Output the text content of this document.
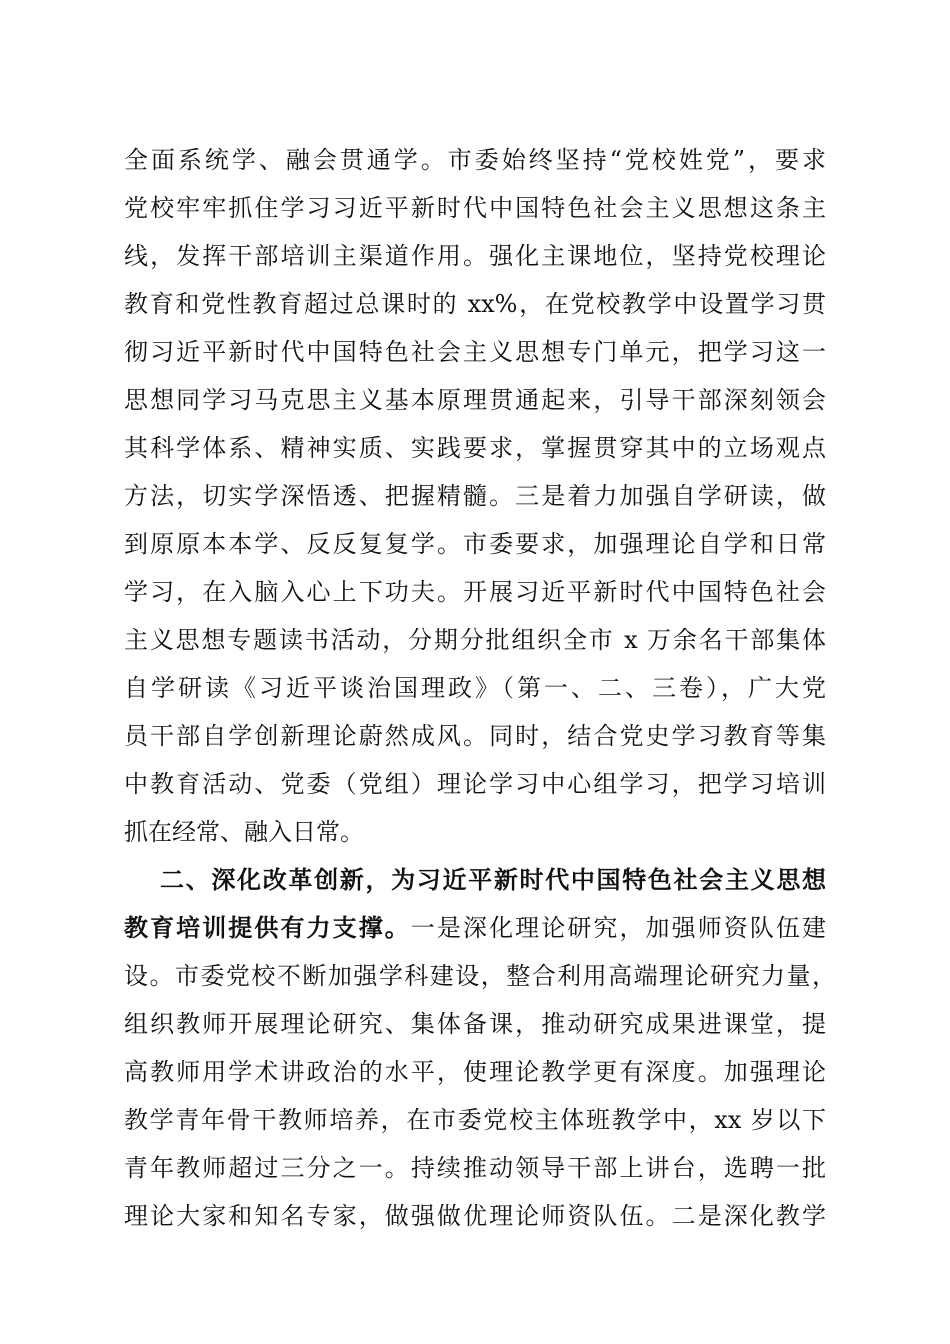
全面系统学、融会贯通学。市委始终坚持“党校姓党”，要求
党校牢牢抓住学习习近平新时代中国特色社会主义思想这条主
线，发挥干部培训主渠道作用。强化主课地位，坚持党校理论
教育和党性教育超过总课时的 xx%，在党校教学中设置学习贯
彻习近平新时代中国特色社会主义思想专门单元，把学习这一
思想同学习马克思主义基本原理贯通起来，引导干部深刻领会
其科学体系、精神实质、实践要求，掌握贯穿其中的立场观点
方法，切实学深悟透、把握精髓。三是着力加强自学研读，做
到原原本本学、反反复复学。市委要求，加强理论自学和日常
学习，在入脑入心上下功夫。开展习近平新时代中国特色社会
主义思想专题读书活动，分期分批组织全市 x 万余名干部集体
自学研读《习近平谈治国理政》（第一、二、三卷），广大党
员干部自学创新理论蔚然成风。同时，结合党史学习教育等集
中教育活动、党委（党组）理论学习中心组学习，把学习培训
抓在经常、融入日常。
二、深化改革创新，为习近平新时代中国特色社会主义思想
教育培训提供有力支撑。一是深化理论研究，加强师资队伍建
设。市委党校不断加强学科建设，整合利用高端理论研究力量，
组织教师开展理论研究、集体备课，推动研究成果进课堂，提
高教师用学术讲政治的水平，使理论教学更有深度。加强理论
教学青年骨干教师培养，在市委党校主体班教学中，xx 岁以下
青年教师超过三分之一。持续推动领导干部上讲台，选聘一批
理论大家和知名专家，做强做优理论师资队伍。二是深化教学
